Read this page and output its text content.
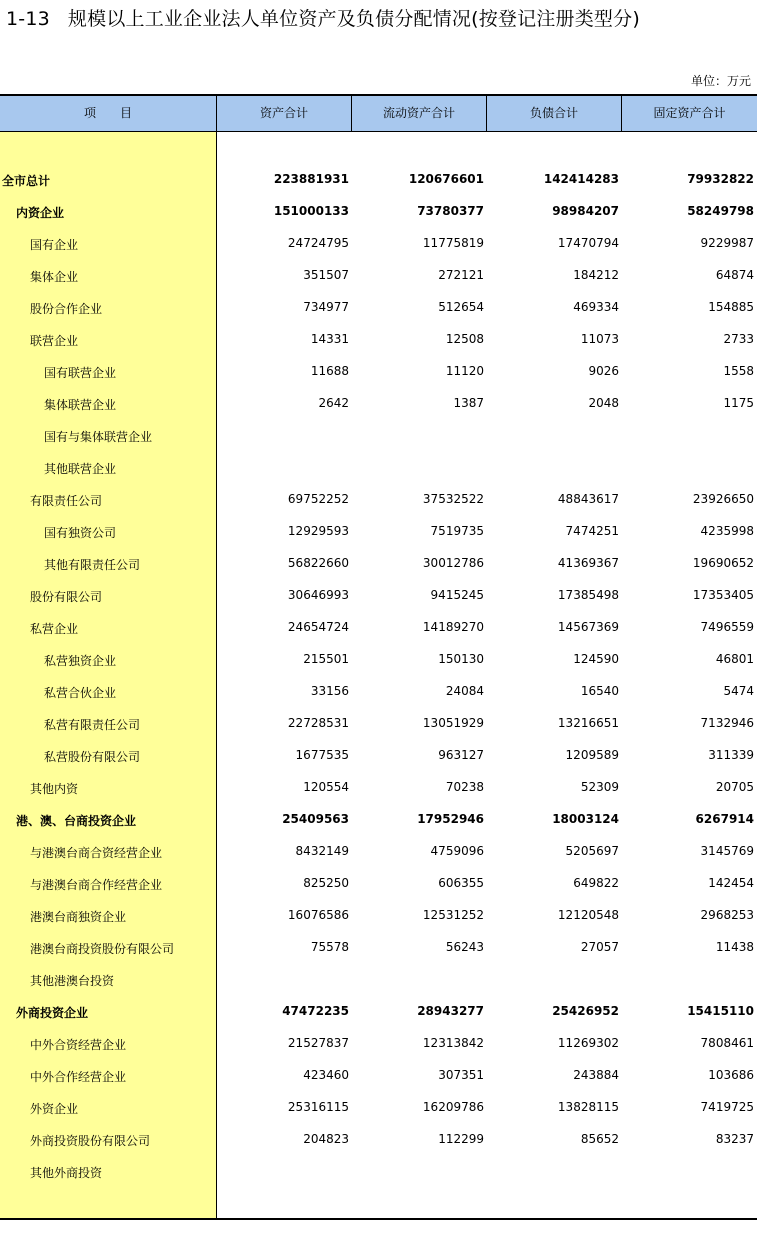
1-13 规模以上工业企业法人单位资产及负债分配情况(按登记注册类型分)
单位：万元
项　　目	资产合计	流动资产合计	负债合计	固定资产合计
全市总计	223881931	120676601	142414283	79932822
内资企业	151000133	73780377	98984207	58249798
国有企业	24724795	11775819	17470794	9229987
集体企业	351507	272121	184212	64874
股份合作企业	734977	512654	469334	154885
联营企业	14331	12508	11073	2733
国有联营企业	11688	11120	9026	1558
集体联营企业	2642	1387	2048	1175
国有与集体联营企业
其他联营企业
有限责任公司	69752252	37532522	48843617	23926650
国有独资公司	12929593	7519735	7474251	4235998
其他有限责任公司	56822660	30012786	41369367	19690652
股份有限公司	30646993	9415245	17385498	17353405
私营企业	24654724	14189270	14567369	7496559
私营独资企业	215501	150130	124590	46801
私营合伙企业	33156	24084	16540	5474
私营有限责任公司	22728531	13051929	13216651	7132946
私营股份有限公司	1677535	963127	1209589	311339
其他内资	120554	70238	52309	20705
港、澳、台商投资企业	25409563	17952946	18003124	6267914
与港澳台商合资经营企业	8432149	4759096	5205697	3145769
与港澳台商合作经营企业	825250	606355	649822	142454
港澳台商独资企业	16076586	12531252	12120548	2968253
港澳台商投资股份有限公司	75578	56243	27057	11438
其他港澳台投资
外商投资企业	47472235	28943277	25426952	15415110
中外合资经营企业	21527837	12313842	11269302	7808461
中外合作经营企业	423460	307351	243884	103686
外资企业	25316115	16209786	13828115	7419725
外商投资股份有限公司	204823	112299	85652	83237
其他外商投资
